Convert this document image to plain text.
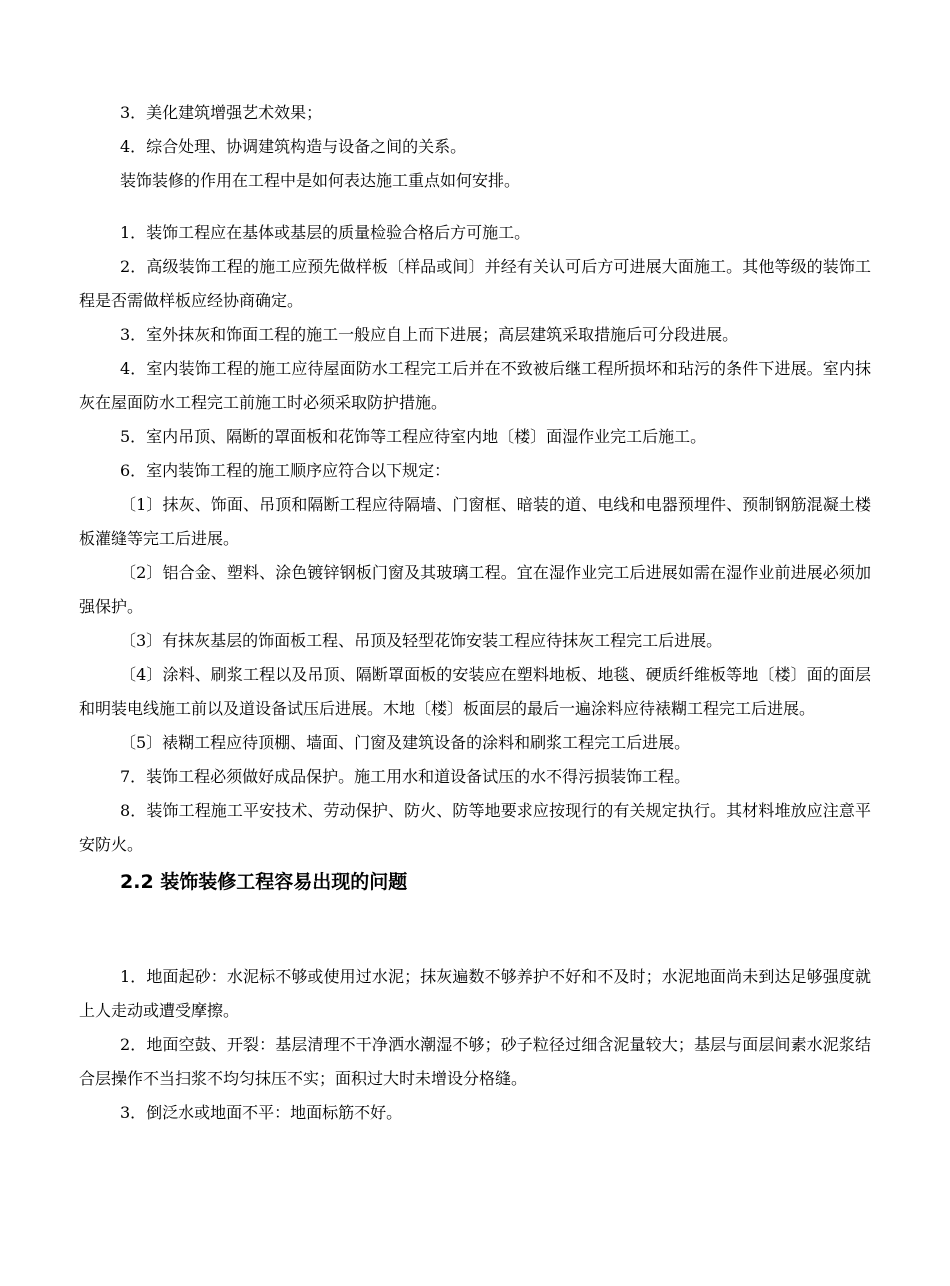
3．美化建筑增强艺术效果；

4．综合处理、协调建筑构造与设备之间的关系。

装饰装修的作用在工程中是如何表达施工重点如何安排。

1．装饰工程应在基体或基层的质量检验合格后方可施工。

2．高级装饰工程的施工应预先做样板〔样品或间〕并经有关认可后方可进展大面施工。其他等级的装饰工程是否需做样板应经协商确定。

3．室外抹灰和饰面工程的施工一般应自上而下进展；高层建筑采取措施后可分段进展。

4．室内装饰工程的施工应待屋面防水工程完工后并在不致被后继工程所损坏和玷污的条件下进展。室内抹灰在屋面防水工程完工前施工时必须采取防护措施。

5．室内吊顶、隔断的罩面板和花饰等工程应待室内地〔楼〕面湿作业完工后施工。

6．室内装饰工程的施工顺序应符合以下规定：

〔1〕抹灰、饰面、吊顶和隔断工程应待隔墙、门窗框、暗装的道、电线和电器预埋件、预制钢筋混凝土楼板灌缝等完工后进展。

〔2〕铝合金、塑料、涂色镀锌钢板门窗及其玻璃工程。宜在湿作业完工后进展如需在湿作业前进展必须加强保护。

〔3〕有抹灰基层的饰面板工程、吊顶及轻型花饰安装工程应待抹灰工程完工后进展。

〔4〕涂料、刷浆工程以及吊顶、隔断罩面板的安装应在塑料地板、地毯、硬质纤维板等地〔楼〕面的面层和明装电线施工前以及道设备试压后进展。木地〔楼〕板面层的最后一遍涂料应待裱糊工程完工后进展。

〔5〕裱糊工程应待顶棚、墙面、门窗及建筑设备的涂料和刷浆工程完工后进展。

7．装饰工程必须做好成品保护。施工用水和道设备试压的水不得污损装饰工程。

8．装饰工程施工平安技术、劳动保护、防火、防等地要求应按现行的有关规定执行。其材料堆放应注意平安防火。

2.2 装饰装修工程容易出现的问题

1．地面起砂：水泥标不够或使用过水泥；抹灰遍数不够养护不好和不及时；水泥地面尚未到达足够强度就上人走动或遭受摩擦。

2．地面空鼓、开裂：基层清理不干净洒水潮湿不够；砂子粒径过细含泥量较大；基层与面层间素水泥浆结合层操作不当扫浆不均匀抹压不实；面积过大时未增设分格缝。

3．倒泛水或地面不平：地面标筋不好。
